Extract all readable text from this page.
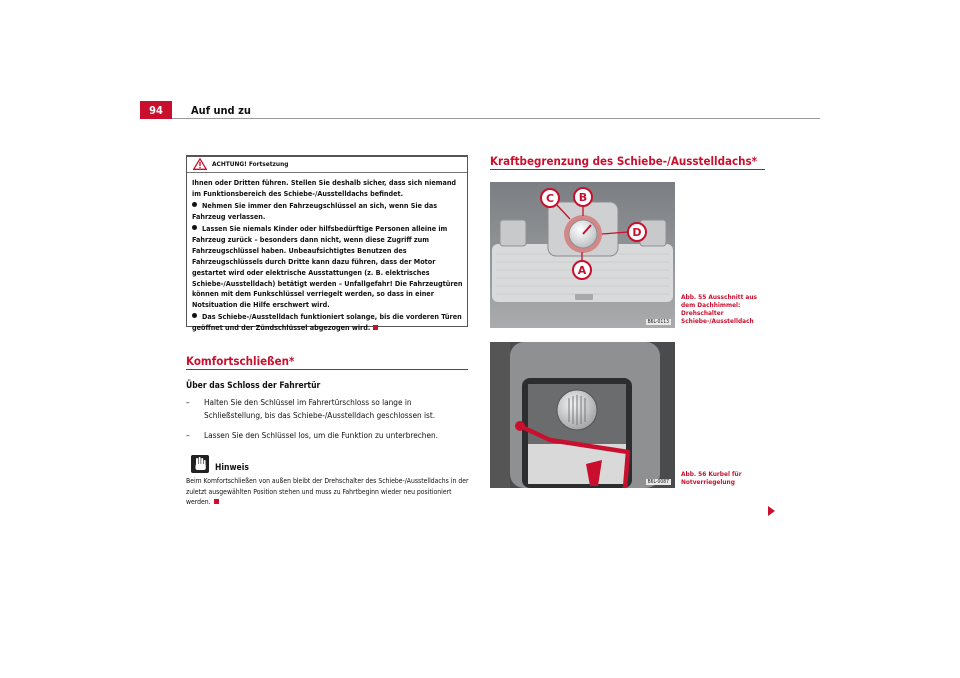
94	Auf und zu
ACHTUNG! Fortsetzung

Ihnen oder Dritten führen. Stellen Sie deshalb sicher, dass sich niemand im Funktionsbereich des Schiebe-/Ausstelldachs befindet.

Nehmen Sie immer den Fahrzeugschlüssel an sich, wenn Sie das Fahrzeug verlassen.

Lassen Sie niemals Kinder oder hilfsbedürftige Personen alleine im Fahrzeug zurück – besonders dann nicht, wenn diese Zugriff zum Fahrzeugschlüssel haben. Unbeaufsichtigtes Benutzen des Fahrzeugschlüssels durch Dritte kann dazu führen, dass der Motor gestartet wird oder elektrische Ausstattungen (z. B. elektrisches Schiebe-/Ausstelldach) betätigt werden – Unfallgefahr! Die Fahrzeugtüren können mit dem Funkschlüssel verriegelt werden, so dass in einer Notsituation die Hilfe erschwert wird.

Das Schiebe-/Ausstelldach funktioniert solange, bis die vorderen Türen geöffnet und der Zündschlüssel abgezogen wird.

Komfortschließen*
Über das Schloss der Fahrertür
–	Halten Sie den Schlüssel im Fahrertürschloss so lange in Schließstellung, bis das Schiebe-/Ausstelldach geschlossen ist.
–	Lassen Sie den Schlüssel los, um die Funktion zu unterbrechen.
Hinweis
Beim Komfortschließen von außen bleibt der Drehschalter des Schiebe-/Ausstelldachs in der zuletzt ausgewählten Position stehen und muss zu Fahrtbeginn wieder neu positioniert werden.
Kraftbegrenzung des Schiebe-/Ausstelldachs*
C B
D
A
B6L-0113
Abb. 55 Ausschnitt aus dem Dachhimmel: Drehschalter Schiebe-/Ausstelldach
B6L-0087
Abb. 56 Kurbel für Notverriegelung
